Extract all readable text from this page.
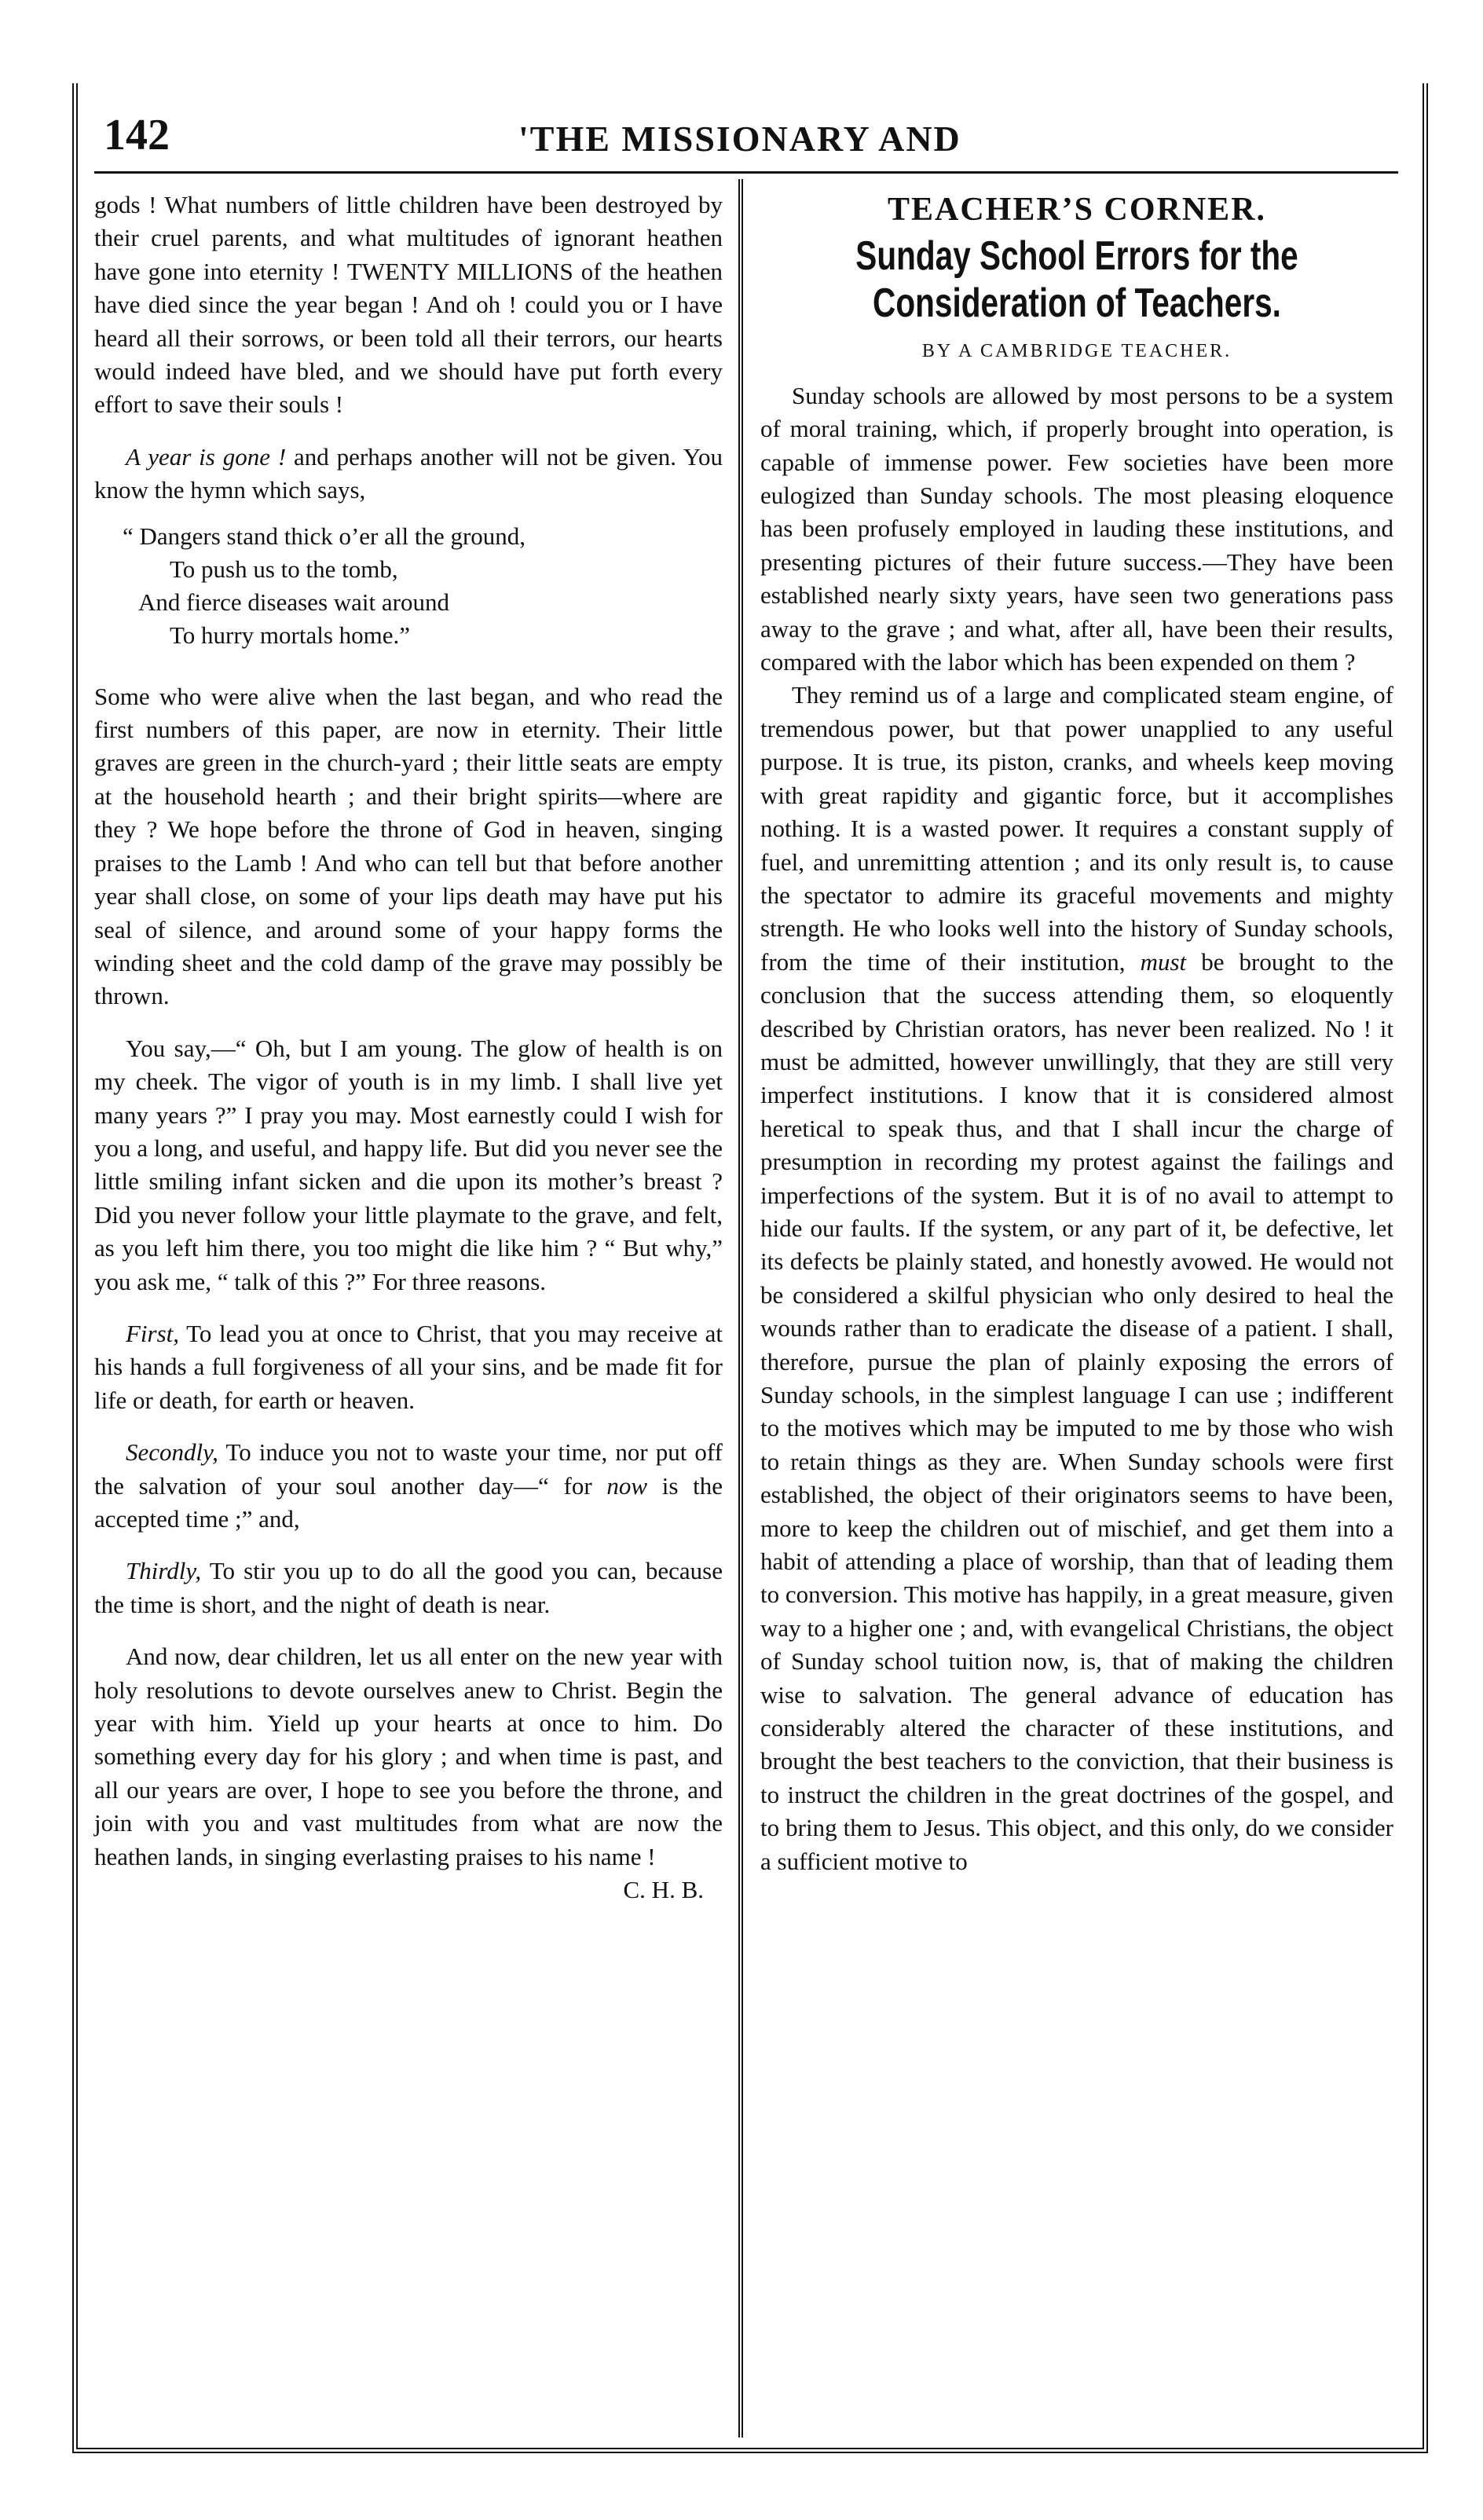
142	'THE MISSIONARY AND

gods ! What numbers of little children have been destroyed by their cruel parents, and what multitudes of ignorant heathen have gone into eternity ! TWENTY MILLIONS of the heathen have died since the year began ! And oh ! could you or I have heard all their sorrows, or been told all their terrors, our hearts would indeed have bled, and we should have put forth every effort to save their souls !

A year is gone ! and perhaps another will not be given. You know the hymn which says,

“ Dangers stand thick o’er all the ground,
To push us to the tomb,
And fierce diseases wait around
To hurry mortals home.”

Some who were alive when the last began, and who read the first numbers of this paper, are now in eternity. Their little graves are green in the church-yard ; their little seats are empty at the household hearth ; and their bright spirits—where are they ? We hope before the throne of God in heaven, singing praises to the Lamb ! And who can tell but that before another year shall close, on some of your lips death may have put his seal of silence, and around some of your happy forms the winding sheet and the cold damp of the grave may possibly be thrown.

You say,—“ Oh, but I am young. The glow of health is on my cheek. The vigor of youth is in my limb. I shall live yet many years ?” I pray you may. Most earnestly could I wish for you a long, and useful, and happy life. But did you never see the little smiling infant sicken and die upon its mother’s breast ? Did you never follow your little playmate to the grave, and felt, as you left him there, you too might die like him ? “ But why,” you ask me, “ talk of this ?” For three reasons.

First, To lead you at once to Christ, that you may receive at his hands a full forgiveness of all your sins, and be made fit for life or death, for earth or heaven.

Secondly, To induce you not to waste your time, nor put off the salvation of your soul another day—“ for now is the accepted time ;” and,

Thirdly, To stir you up to do all the good you can, because the time is short, and the night of death is near.

And now, dear children, let us all enter on the new year with holy resolutions to devote ourselves anew to Christ. Begin the year with him. Yield up your hearts at once to him. Do something every day for his glory ; and when time is past, and all our years are over, I hope to see you before the throne, and join with you and vast multitudes from what are now the heathen lands, in singing everlasting praises to his name !
C. H. B.

TEACHER’S CORNER.
Sunday School Errors for the Consideration of Teachers.
BY A CAMBRIDGE TEACHER.

Sunday schools are allowed by most persons to be a system of moral training, which, if properly brought into operation, is capable of immense power. Few societies have been more eulogized than Sunday schools. The most pleasing eloquence has been profusely employed in lauding these institutions, and presenting pictures of their future success.—They have been established nearly sixty years, have seen two generations pass away to the grave ; and what, after all, have been their results, compared with the labor which has been expended on them ?

They remind us of a large and complicated steam engine, of tremendous power, but that power unapplied to any useful purpose. It is true, its piston, cranks, and wheels keep moving with great rapidity and gigantic force, but it accomplishes nothing. It is a wasted power. It requires a constant supply of fuel, and unremitting attention ; and its only result is, to cause the spectator to admire its graceful movements and mighty strength. He who looks well into the history of Sunday schools, from the time of their institution, must be brought to the conclusion that the success attending them, so eloquently described by Christian orators, has never been realized. No ! it must be admitted, however unwillingly, that they are still very imperfect institutions. I know that it is considered almost heretical to speak thus, and that I shall incur the charge of presumption in recording my protest against the failings and imperfections of the system. But it is of no avail to attempt to hide our faults. If the system, or any part of it, be defective, let its defects be plainly stated, and honestly avowed. He would not be considered a skilful physician who only desired to heal the wounds rather than to eradicate the disease of a patient. I shall, therefore, pursue the plan of plainly exposing the errors of Sunday schools, in the simplest language I can use ; indifferent to the motives which may be imputed to me by those who wish to retain things as they are. When Sunday schools were first established, the object of their originators seems to have been, more to keep the children out of mischief, and get them into a habit of attending a place of worship, than that of leading them to conversion. This motive has happily, in a great measure, given way to a higher one ; and, with evangelical Christians, the object of Sunday school tuition now, is, that of making the children wise to salvation. The general advance of education has considerably altered the character of these institutions, and brought the best teachers to the conviction, that their business is to instruct the children in the great doctrines of the gospel, and to bring them to Jesus. This object, and this only, do we consider a sufficient motive to
